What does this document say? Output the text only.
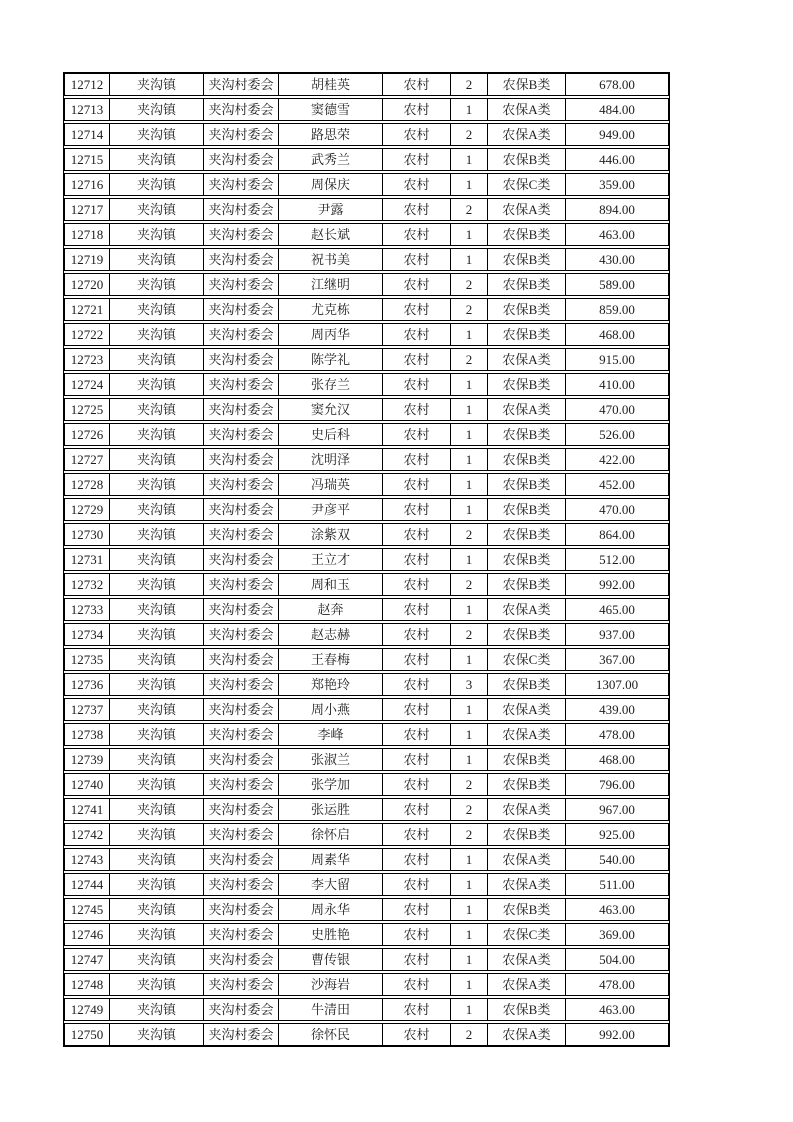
12712	夹沟镇	夹沟村委会	胡桂英	农村	2	农保B类	678.00
12713	夹沟镇	夹沟村委会	窦德雪	农村	1	农保A类	484.00
12714	夹沟镇	夹沟村委会	路思荣	农村	2	农保A类	949.00
12715	夹沟镇	夹沟村委会	武秀兰	农村	1	农保B类	446.00
12716	夹沟镇	夹沟村委会	周保庆	农村	1	农保C类	359.00
12717	夹沟镇	夹沟村委会	尹露	农村	2	农保A类	894.00
12718	夹沟镇	夹沟村委会	赵长斌	农村	1	农保B类	463.00
12719	夹沟镇	夹沟村委会	祝书美	农村	1	农保B类	430.00
12720	夹沟镇	夹沟村委会	江继明	农村	2	农保B类	589.00
12721	夹沟镇	夹沟村委会	尤克栋	农村	2	农保B类	859.00
12722	夹沟镇	夹沟村委会	周丙华	农村	1	农保B类	468.00
12723	夹沟镇	夹沟村委会	陈学礼	农村	2	农保A类	915.00
12724	夹沟镇	夹沟村委会	张存兰	农村	1	农保B类	410.00
12725	夹沟镇	夹沟村委会	窦允汉	农村	1	农保A类	470.00
12726	夹沟镇	夹沟村委会	史后科	农村	1	农保B类	526.00
12727	夹沟镇	夹沟村委会	沈明泽	农村	1	农保B类	422.00
12728	夹沟镇	夹沟村委会	冯瑞英	农村	1	农保B类	452.00
12729	夹沟镇	夹沟村委会	尹彦平	农村	1	农保B类	470.00
12730	夹沟镇	夹沟村委会	涂紫双	农村	2	农保B类	864.00
12731	夹沟镇	夹沟村委会	王立才	农村	1	农保B类	512.00
12732	夹沟镇	夹沟村委会	周和玉	农村	2	农保B类	992.00
12733	夹沟镇	夹沟村委会	赵奔	农村	1	农保A类	465.00
12734	夹沟镇	夹沟村委会	赵志赫	农村	2	农保B类	937.00
12735	夹沟镇	夹沟村委会	王春梅	农村	1	农保C类	367.00
12736	夹沟镇	夹沟村委会	郑艳玲	农村	3	农保B类	1307.00
12737	夹沟镇	夹沟村委会	周小燕	农村	1	农保A类	439.00
12738	夹沟镇	夹沟村委会	李峰	农村	1	农保A类	478.00
12739	夹沟镇	夹沟村委会	张淑兰	农村	1	农保B类	468.00
12740	夹沟镇	夹沟村委会	张学加	农村	2	农保B类	796.00
12741	夹沟镇	夹沟村委会	张运胜	农村	2	农保A类	967.00
12742	夹沟镇	夹沟村委会	徐怀启	农村	2	农保B类	925.00
12743	夹沟镇	夹沟村委会	周素华	农村	1	农保A类	540.00
12744	夹沟镇	夹沟村委会	李大留	农村	1	农保A类	511.00
12745	夹沟镇	夹沟村委会	周永华	农村	1	农保B类	463.00
12746	夹沟镇	夹沟村委会	史胜艳	农村	1	农保C类	369.00
12747	夹沟镇	夹沟村委会	曹传银	农村	1	农保A类	504.00
12748	夹沟镇	夹沟村委会	沙海岩	农村	1	农保A类	478.00
12749	夹沟镇	夹沟村委会	牛清田	农村	1	农保B类	463.00
12750	夹沟镇	夹沟村委会	徐怀民	农村	2	农保A类	992.00
